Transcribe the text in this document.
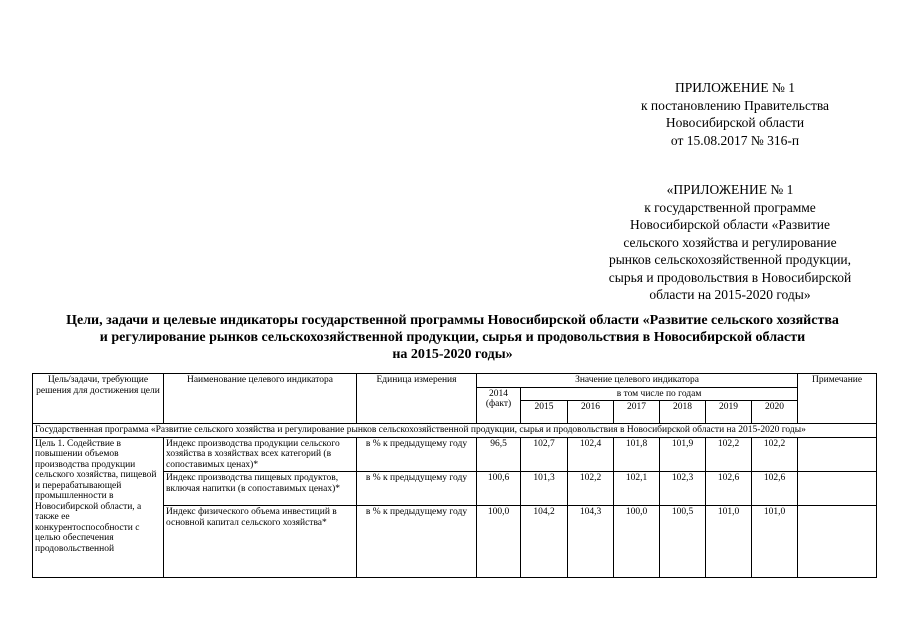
ПРИЛОЖЕНИЕ № 1
к постановлению Правительства
Новосибирской области
от 15.08.2017 № 316-п
«ПРИЛОЖЕНИЕ № 1
к государственной программе
Новосибирской области «Развитие
сельского хозяйства и регулирование
рынков сельскохозяйственной продукции,
сырья и продовольствия в Новосибирской
области на 2015-2020 годы»
Цели, задачи и целевые индикаторы государственной программы Новосибирской области «Развитие сельского хозяйства
и регулирование рынков сельскохозяйственной продукции, сырья и продовольствия в Новосибирской области
на 2015-2020 годы»
Цель/задачи, требующие решения для достижения цели	Наименование целевого индикатора	Единица измерения	Значение целевого индикатора							Примечание
			2014 (факт)	в том числе по годам						
				2015	2016	2017	2018	2019	2020	
Государственная программа «Развитие сельского хозяйства и регулирование рынков сельскохозяйственной продукции, сырья и продовольствия в Новосибирской области на 2015-2020 годы»										
Цель 1. Содействие в повышении объемов производства продукции сельского хозяйства, пищевой и перерабатывающей промышленности в Новосибирской области, а также ее конкурентоспособности с целью обеспечения продовольственной	Индекс производства продукции сельского хозяйства в хозяйствах всех категорий (в сопоставимых ценах)*	в % к предыдущему году	96,5	102,7	102,4	101,8	101,9	102,2	102,2	
	Индекс производства пищевых продуктов, включая напитки (в сопоставимых ценах)*	в % к предыдущему году	100,6	101,3	102,2	102,1	102,3	102,6	102,6	
	Индекс физического объема инвестиций в основной капитал сельского хозяйства*	в % к предыдущему году	100,0	104,2	104,3	100,0	100,5	101,0	101,0	
